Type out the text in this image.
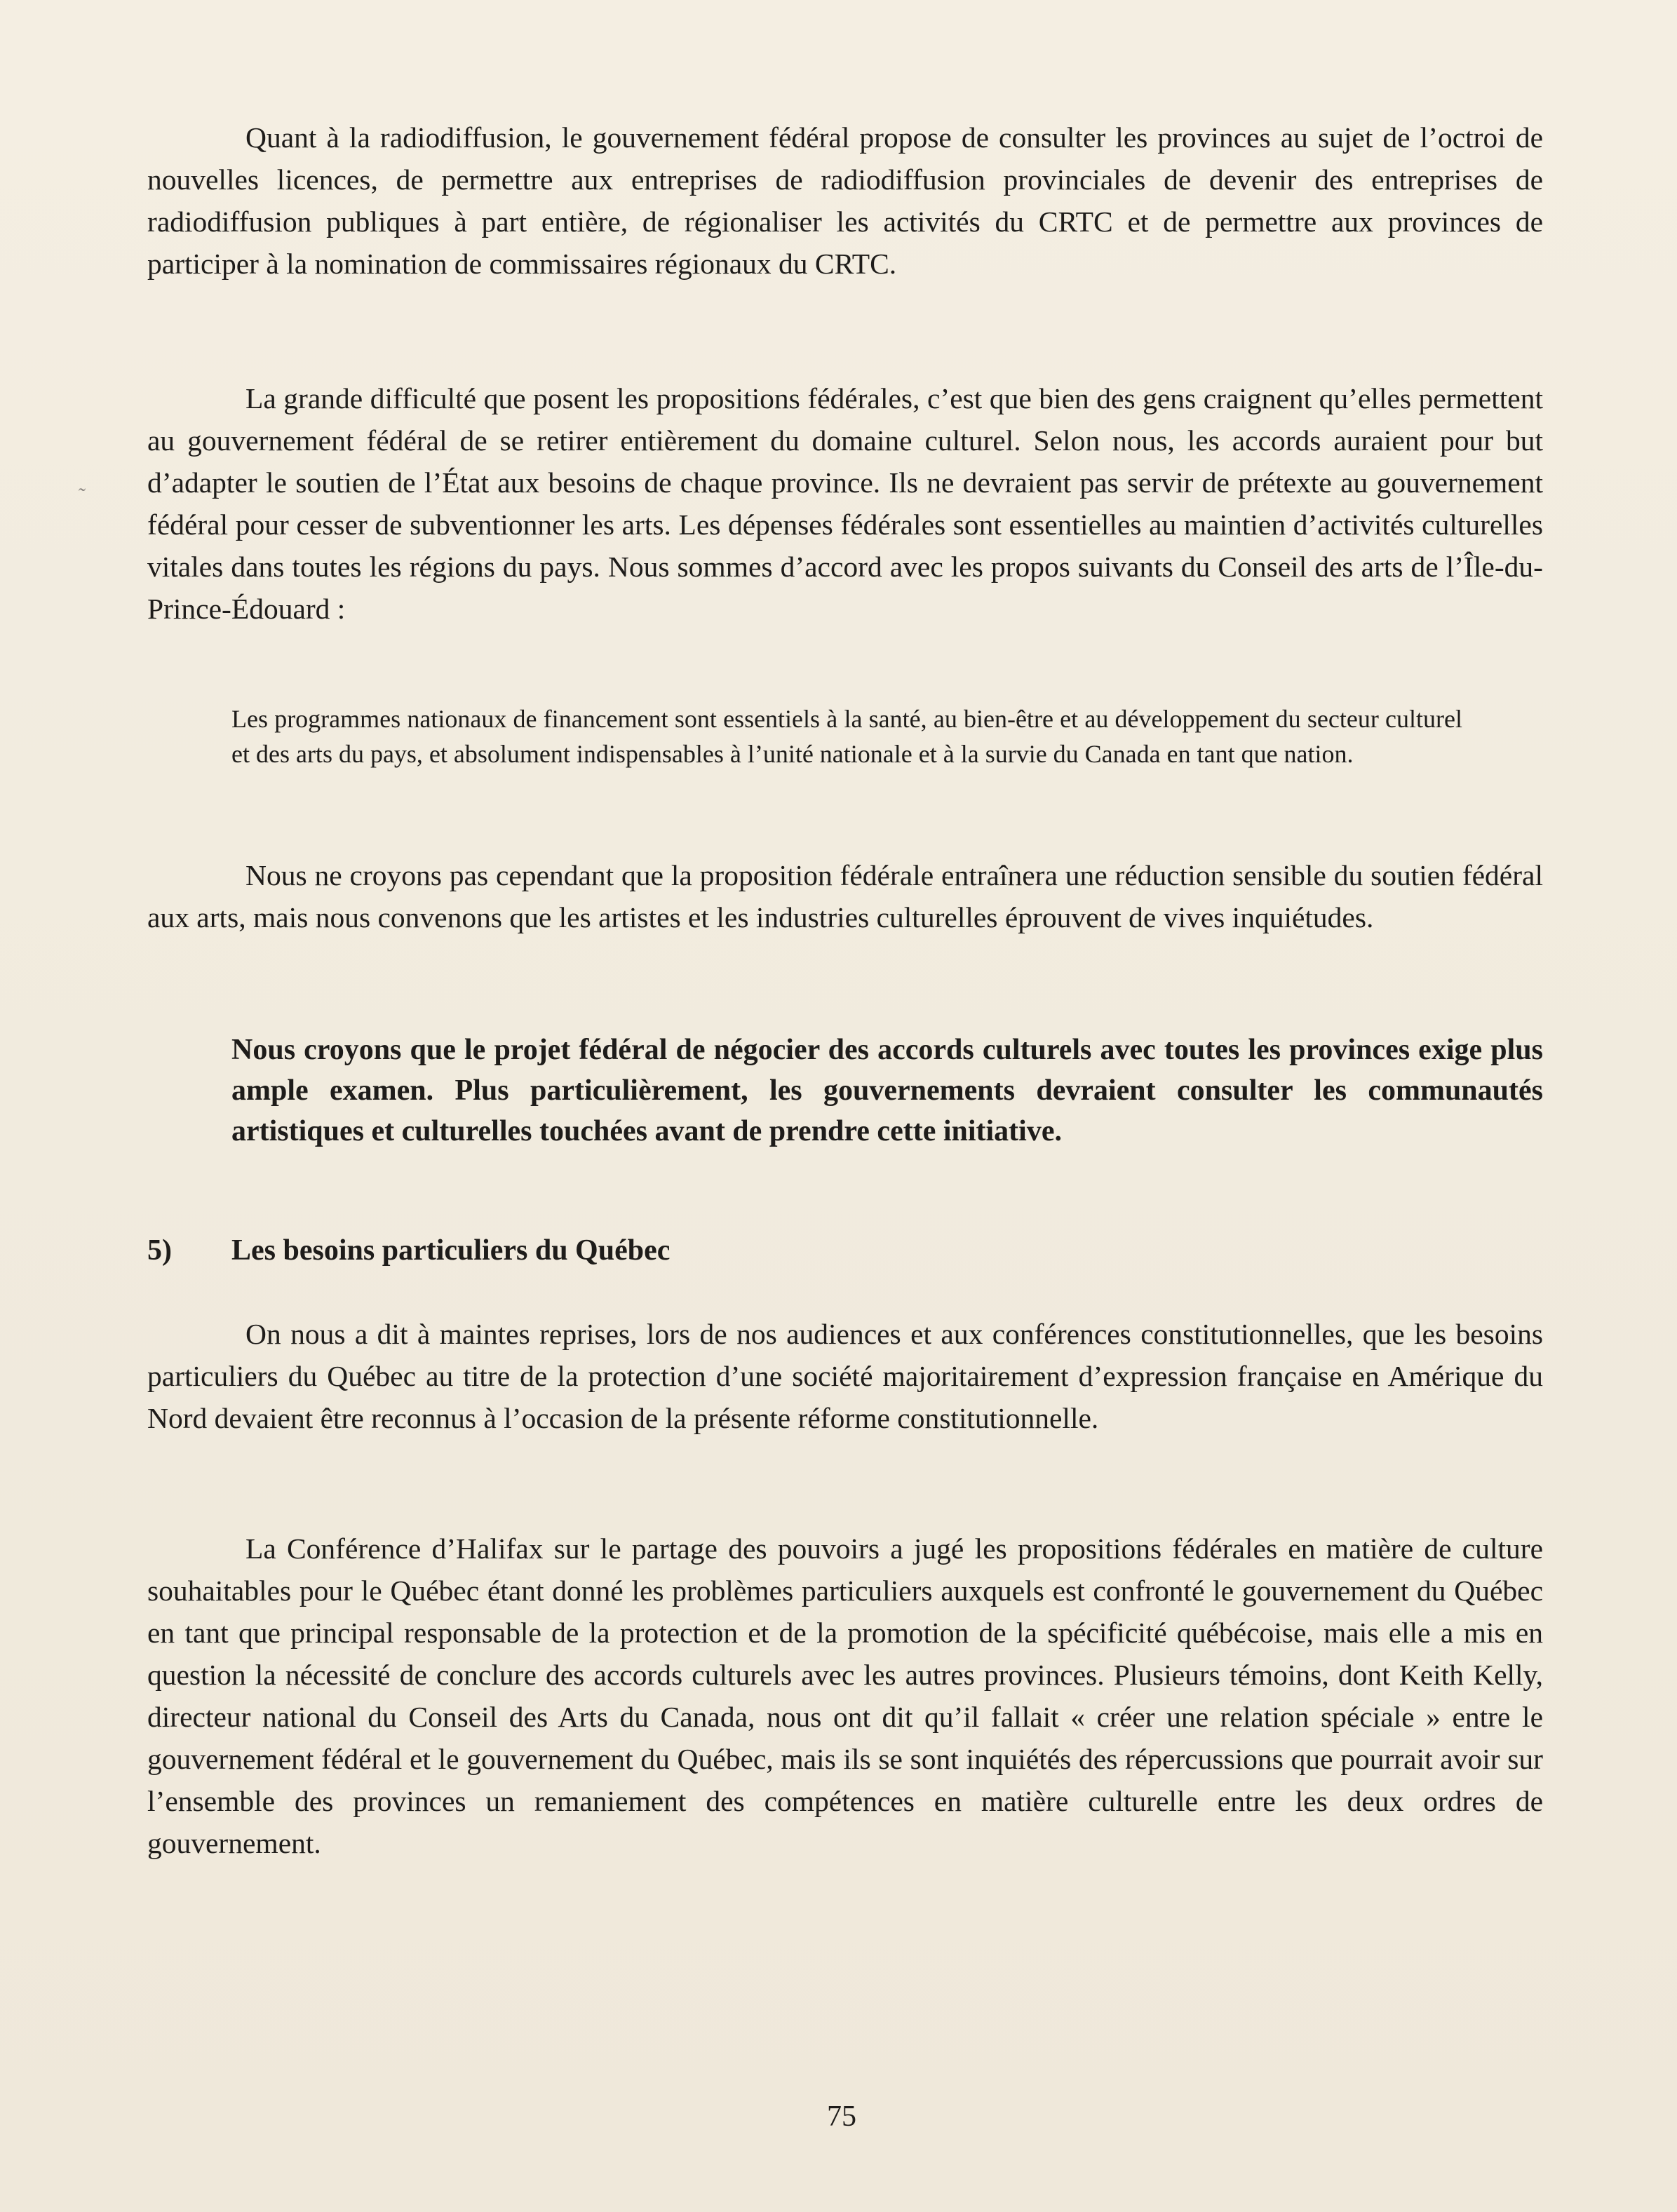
Quant à la radiodiffusion, le gouvernement fédéral propose de consulter les provinces au sujet de l’octroi de nouvelles licences, de permettre aux entreprises de radiodiffusion provinciales de devenir des entreprises de radiodiffusion publiques à part entière, de régionaliser les activités du CRTC et de permettre aux provinces de participer à la nomination de commissaires régionaux du CRTC.

˜

La grande difficulté que posent les propositions fédérales, c’est que bien des gens craignent qu’elles permettent au gouvernement fédéral de se retirer entièrement du domaine culturel. Selon nous, les accords auraient pour but d’adapter le soutien de l’État aux besoins de chaque province. Ils ne devraient pas servir de prétexte au gouvernement fédéral pour cesser de subventionner les arts. Les dépenses fédérales sont essentielles au maintien d’activités culturelles vitales dans toutes les régions du pays. Nous sommes d’accord avec les propos suivants du Conseil des arts de l’Île-du-Prince-Édouard :

Les programmes nationaux de financement sont essentiels à la santé, au bien-être et au développement du secteur culturel et des arts du pays, et absolument indispensables à l’unité nationale et à la survie du Canada en tant que nation.

Nous ne croyons pas cependant que la proposition fédérale entraînera une réduction sensible du soutien fédéral aux arts, mais nous convenons que les artistes et les industries culturelles éprouvent de vives inquiétudes.

Nous croyons que le projet fédéral de négocier des accords culturels avec toutes les provinces exige plus ample examen. Plus particulièrement, les gouvernements devraient consulter les communautés artistiques et culturelles touchées avant de prendre cette initiative.

5) Les besoins particuliers du Québec

On nous a dit à maintes reprises, lors de nos audiences et aux conférences constitutionnelles, que les besoins particuliers du Québec au titre de la protection d’une société majoritairement d’expression française en Amérique du Nord devaient être reconnus à l’occasion de la présente réforme constitutionnelle.

La Conférence d’Halifax sur le partage des pouvoirs a jugé les propositions fédérales en matière de culture souhaitables pour le Québec étant donné les problèmes particuliers auxquels est confronté le gouvernement du Québec en tant que principal responsable de la protection et de la promotion de la spécificité québécoise, mais elle a mis en question la nécessité de conclure des accords culturels avec les autres provinces. Plusieurs témoins, dont Keith Kelly, directeur national du Conseil des Arts du Canada, nous ont dit qu’il fallait « créer une relation spéciale » entre le gouvernement fédéral et le gouvernement du Québec, mais ils se sont inquiétés des répercussions que pourrait avoir sur l’ensemble des provinces un remaniement des compétences en matière culturelle entre les deux ordres de gouvernement.

75
